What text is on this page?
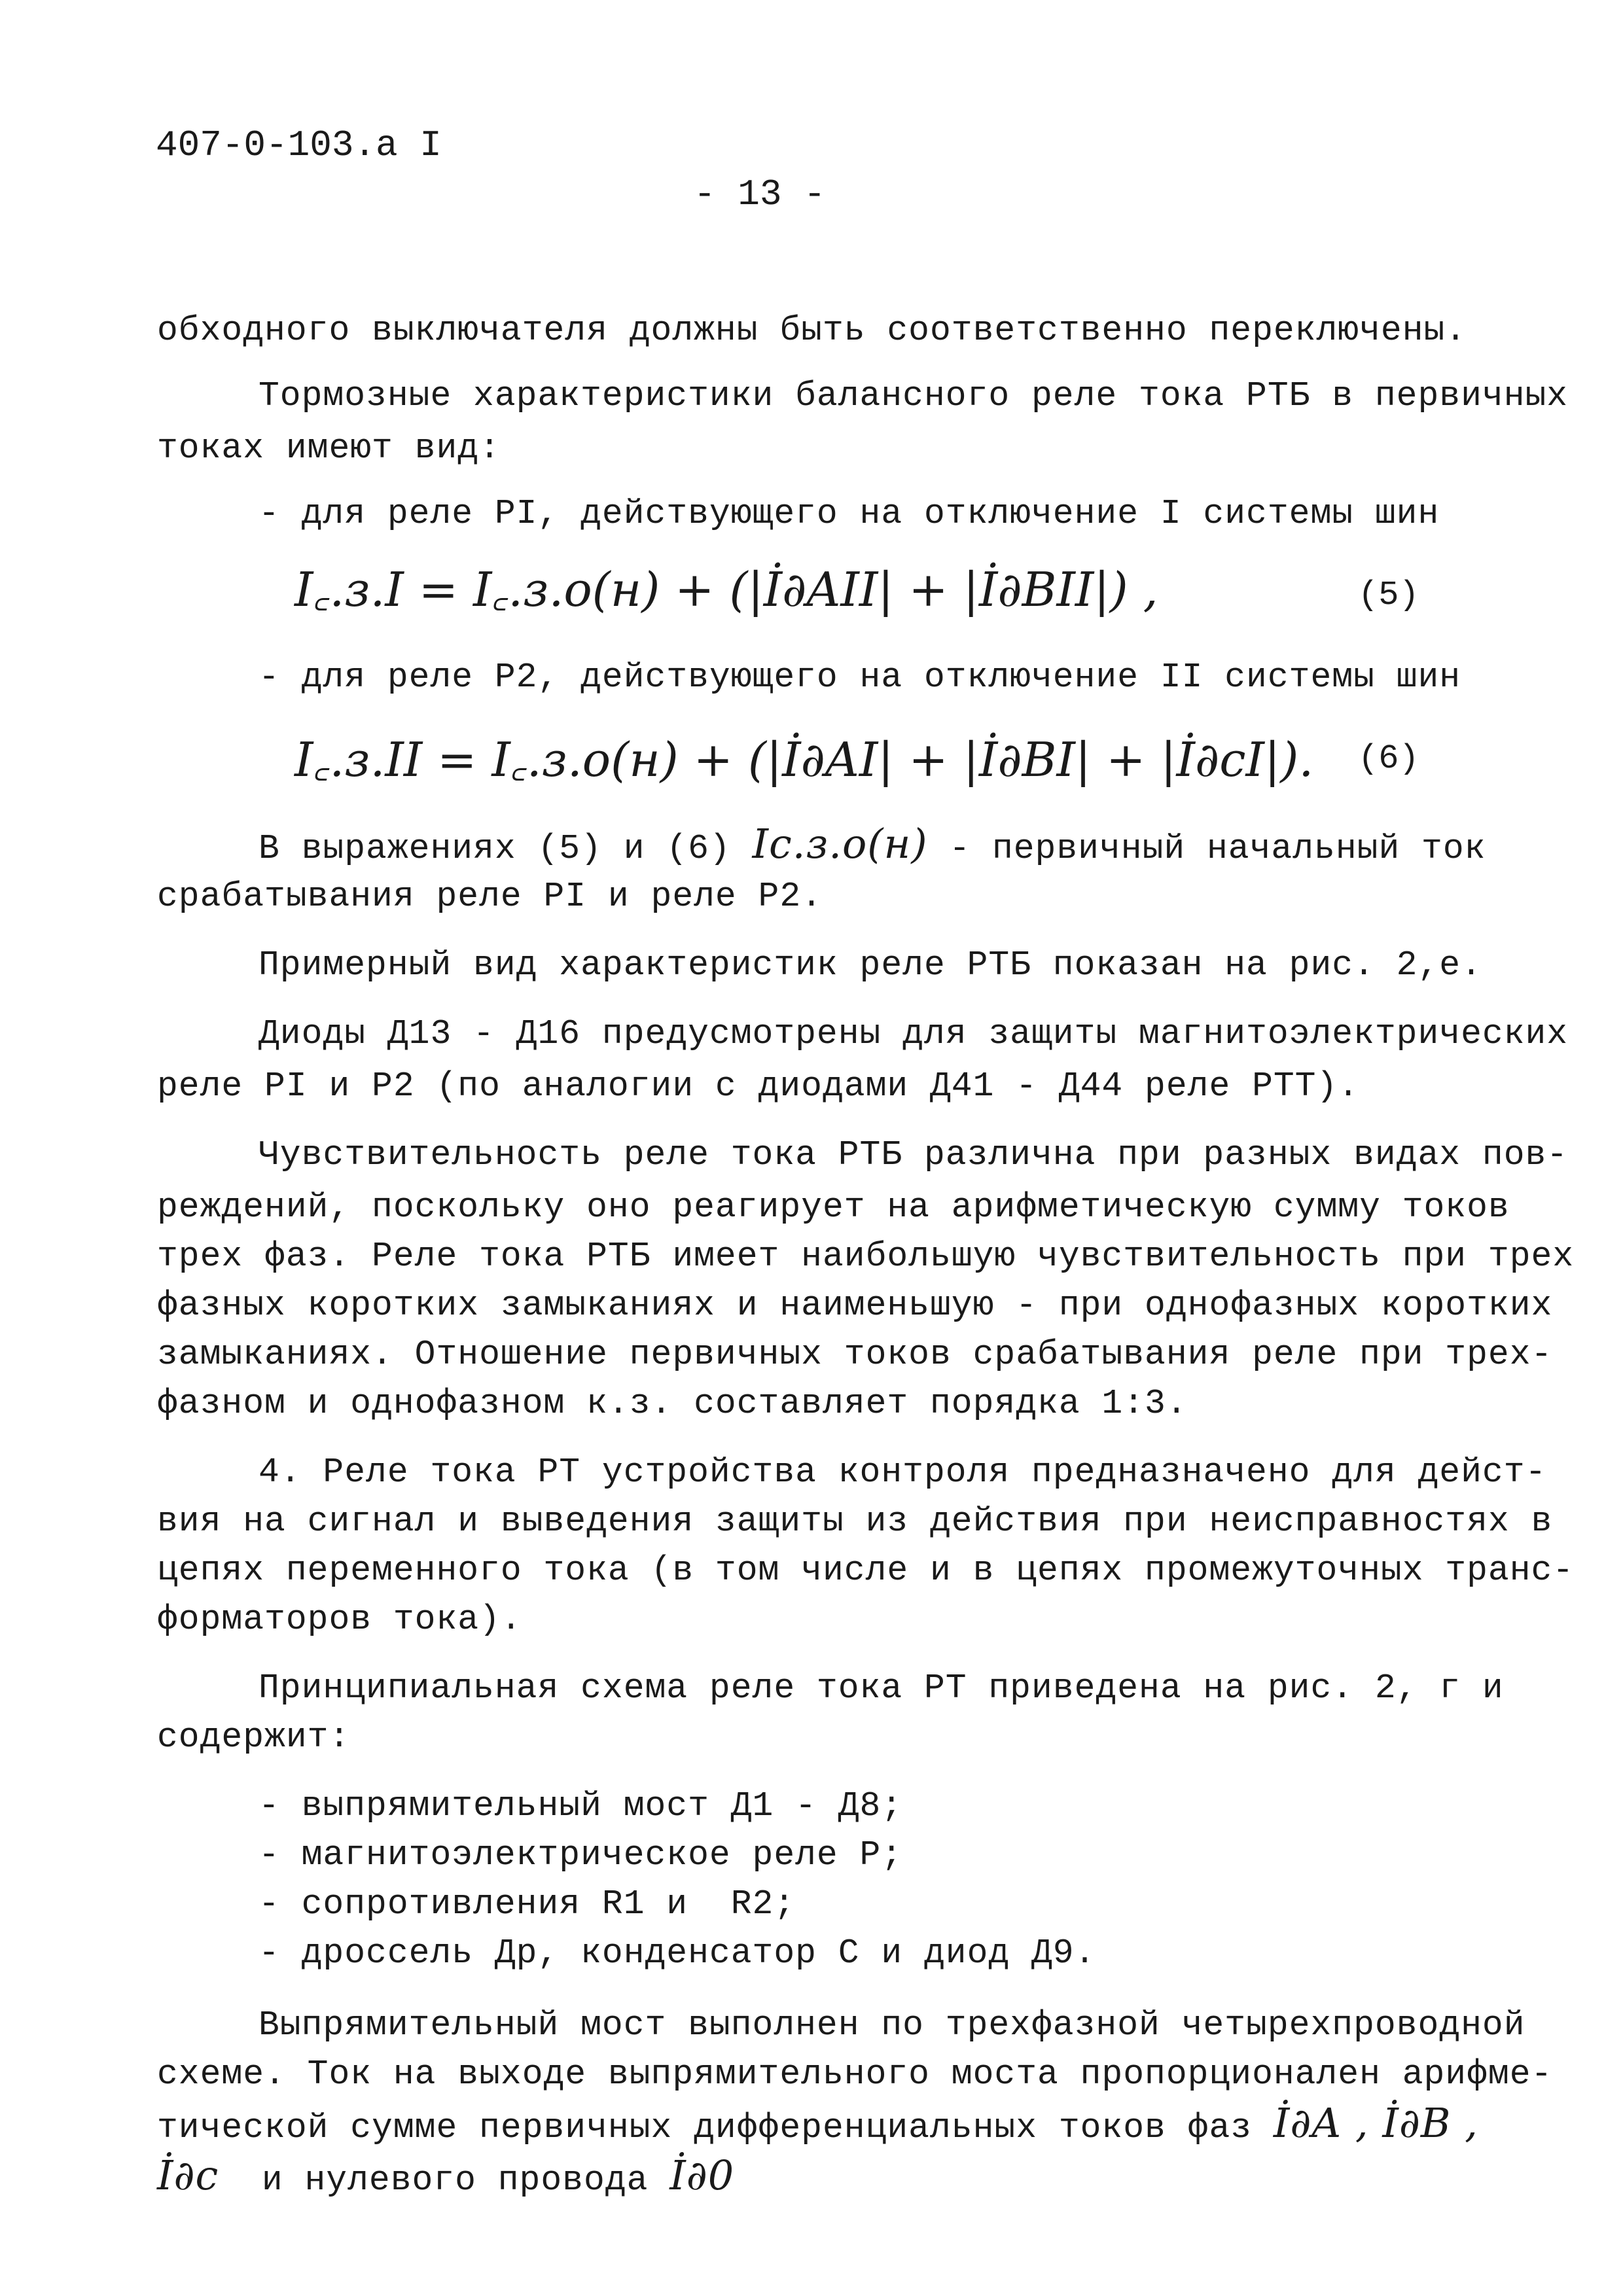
407-0-103.а I
- 13 -
обходного выключателя должны быть соответственно переключены.
Тормозные характеристики балансного реле тока РТБ в первичных
токах имеют вид:
- для реле PI, действующего на отключение I системы шин
I꜀.з.I = I꜀.з.о(н) + (|İ∂AII| + |İ∂BII|) ,	(5)
- для реле P2, действующего на отключение II системы шин
I꜀.з.II = I꜀.з.о(н) + (|İ∂AI| + |İ∂BI| + |İ∂cI|). (6)
В выражениях (5) и (6) Iс.з.о(н) - первичный начальный ток
срабатывания реле PI и реле P2.
Примерный вид характеристик реле РТБ показан на рис. 2,е.
Диоды Д13 - Д16 предусмотрены для защиты магнитоэлектрических
реле PI и P2 (по аналогии с диодами Д41 - Д44 реле РТТ).
Чувствительность реле тока РТБ различна при разных видах пов-
реждений, поскольку оно реагирует на арифметическую сумму токов
трех фаз. Реле тока РТБ имеет наибольшую чувствительность при трех
фазных коротких замыканиях и наименьшую - при однофазных коротких
замыканиях. Отношение первичных токов срабатывания реле при трех-
фазном и однофазном к.з. составляет порядка 1:3.
4. Реле тока РТ устройства контроля предназначено для дейст-
вия на сигнал и выведения защиты из действия при неисправностях в
цепях переменного тока (в том числе и в цепях промежуточных транс-
форматоров тока).
Принципиальная схема реле тока РТ приведена на рис. 2, г и
содержит:
- выпрямительный мост Д1 - Д8;
- магнитоэлектрическое реле Р;
- сопротивления R1 и  R2;
- дроссель Др, конденсатор С и диод Д9.
Выпрямительный мост выполнен по трехфазной четырехпроводной
схеме. Ток на выходе выпрямительного моста пропорционален арифме-
тической сумме первичных дифференциальных токов фаз İ∂A , İ∂B ,
İ∂c  и нулевого провода İ∂0
